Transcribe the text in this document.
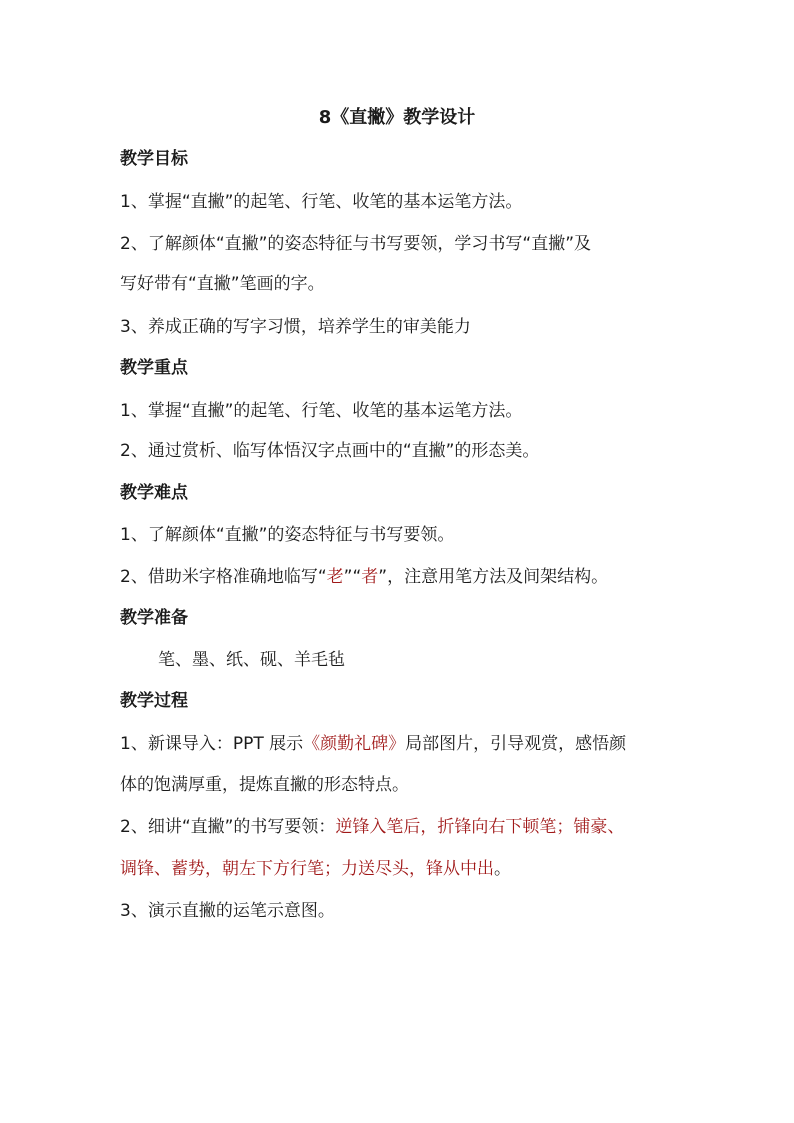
8《直撇》教学设计
教学目标
1、掌握“直撇”的起笔、行笔、收笔的基本运笔方法。
2、了解颜体“直撇”的姿态特征与书写要领，学习书写“直撇”及
写好带有“直撇”笔画的字。
3、养成正确的写字习惯，培养学生的审美能力
教学重点
1、掌握“直撇”的起笔、行笔、收笔的基本运笔方法。
2、通过赏析、临写体悟汉字点画中的“直撇”的形态美。
教学难点
1、了解颜体“直撇”的姿态特征与书写要领。
2、借助米字格准确地临写“老”“者”，注意用笔方法及间架结构。
教学准备
笔、墨、纸、砚、羊毛毡
教学过程
1、新课导入：PPT 展示《颜勤礼碑》局部图片，引导观赏，感悟颜
体的饱满厚重，提炼直撇的形态特点。
2、细讲“直撇”的书写要领：逆锋入笔后，折锋向右下顿笔；铺豪、
调锋、蓄势，朝左下方行笔；力送尽头，锋从中出。
3、演示直撇的运笔示意图。
